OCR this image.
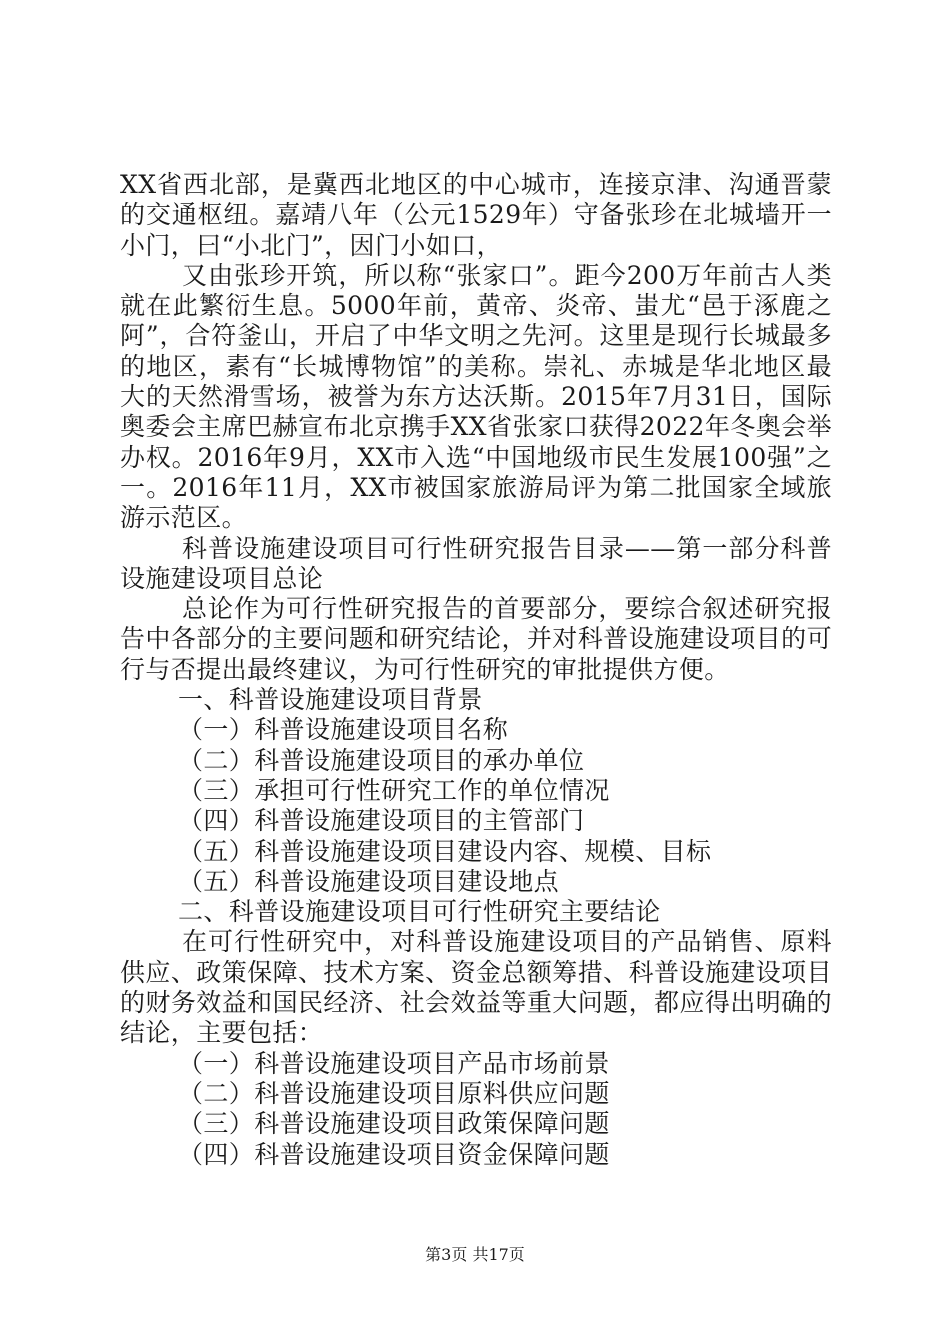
XX省西北部，是冀西北地区的中心城市，连接京津、沟通晋蒙的交通枢纽。嘉靖八年（公元1529年）守备张珍在北城墙开一小门，曰“小北门”，因门小如口，

又由张珍开筑，所以称“张家口”。距今200万年前古人类就在此繁衍生息。5000年前，黄帝、炎帝、蚩尤“邑于涿鹿之阿”，合符釜山，开启了中华文明之先河。这里是现行长城最多的地区，素有“长城博物馆”的美称。崇礼、赤城是华北地区最大的天然滑雪场，被誉为东方达沃斯。2015年7月31日，国际奥委会主席巴赫宣布北京携手XX省张家口获得2022年冬奥会举办权。2016年9月，XX市入选“中国地级市民生发展100强”之一。2016年11月，XX市被国家旅游局评为第二批国家全域旅游示范区。

科普设施建设项目可行性研究报告目录——第一部分科普设施建设项目总论

总论作为可行性研究报告的首要部分，要综合叙述研究报告中各部分的主要问题和研究结论，并对科普设施建设项目的可行与否提出最终建议，为可行性研究的审批提供方便。

一、科普设施建设项目背景

（一）科普设施建设项目名称

（二）科普设施建设项目的承办单位

（三）承担可行性研究工作的单位情况

（四）科普设施建设项目的主管部门

（五）科普设施建设项目建设内容、规模、目标

（五）科普设施建设项目建设地点

二、科普设施建设项目可行性研究主要结论

在可行性研究中，对科普设施建设项目的产品销售、原料供应、政策保障、技术方案、资金总额筹措、科普设施建设项目的财务效益和国民经济、社会效益等重大问题，都应得出明确的结论，主要包括：

（一）科普设施建设项目产品市场前景

（二）科普设施建设项目原料供应问题

（三）科普设施建设项目政策保障问题

（四）科普设施建设项目资金保障问题

第3页 共17页
